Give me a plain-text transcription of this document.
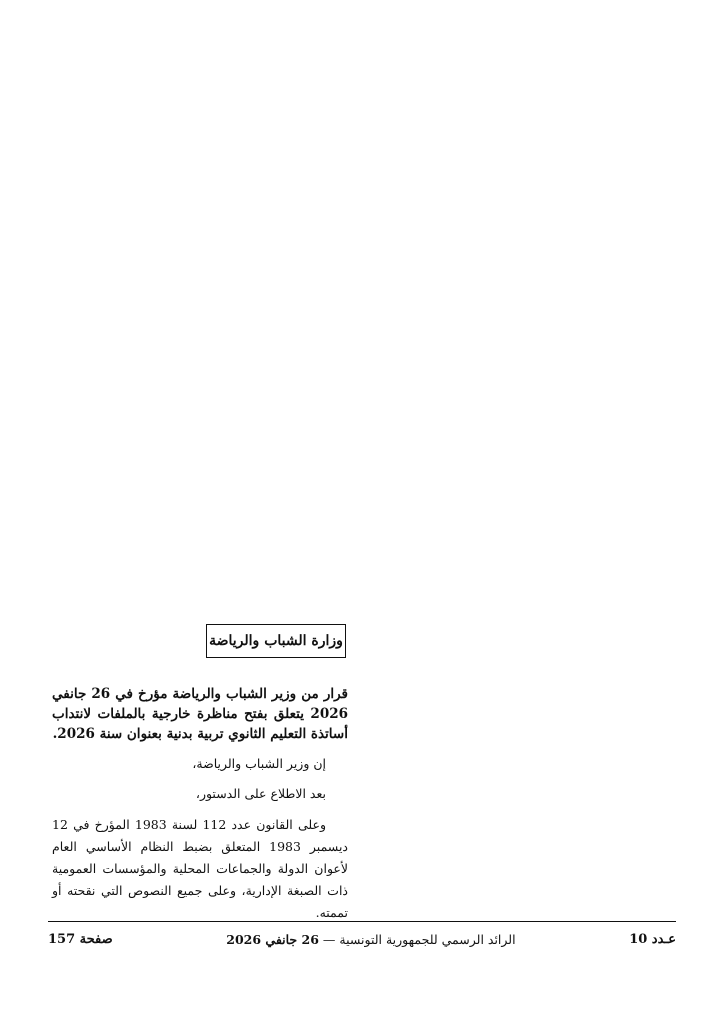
وزارة الشباب والرياضة

قرار من وزير الشباب والرياضة مؤرخ في 26 جانفي 2026 يتعلق بفتح مناظرة خارجية بالملفات لانتداب أساتذة التعليم الثانوي تربية بدنية بعنوان سنة 2026.

إن وزير الشباب والرياضة،

بعد الاطلاع على الدستور،

وعلى القانون عدد 112 لسنة 1983 المؤرخ في 12 ديسمبر 1983 المتعلق بضبط النظام الأساسي العام لأعوان الدولة والجماعات المحلية والمؤسسات العمومية ذات الصبغة الإدارية، وعلى جميع النصوص التي نقحته أو تممته.

عـدد 10
الرائد الرسمي للجمهورية التونسية — 26 جانفي 2026
صفحة 157
